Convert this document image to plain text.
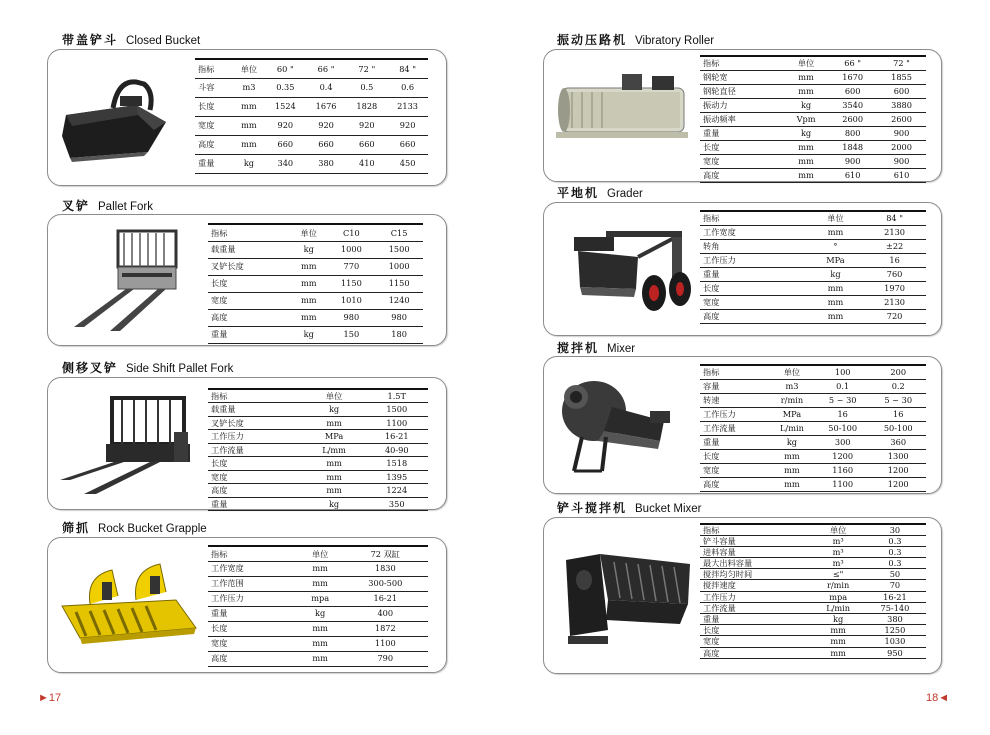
►17	18◄
带盖铲斗 Closed Bucket
指标	单位	60 "	66 "	72 "	84 "
斗容	m3	0.35	0.4	0.5	0.6
长度	mm	1524	1676	1828	2133
宽度	mm	920	920	920	920
高度	mm	660	660	660	660
重量	kg	340	380	410	450
叉铲 Pallet Fork
指标	单位	C10	C15
载重量	kg	1000	1500
叉铲长度	mm	770	1000
长度	mm	1150	1150
宽度	mm	1010	1240
高度	mm	980	980
重量	kg	150	180
侧移叉铲 Side Shift Pallet Fork
指标	单位	1.5T
载重量	kg	1500
叉铲长度	mm	1100
工作压力	MPa	16-21
工作流量	L/mm	40-90
长度	mm	1518
宽度	mm	1395
高度	mm	1224
重量	kg	350
筛抓 Rock Bucket Grapple
指标	单位	72 双缸
工作宽度	mm	1830
工作范围	mm	300-500
工作压力	mpa	16-21
重量	kg	400
长度	mm	1872
宽度	mm	1100
高度	mm	790
振动压路机 Vibratory Roller
指标	单位	66 "	72 "
钢轮宽	mm	1670	1855
钢轮直径	mm	600	600
振动力	kg	3540	3880
振动频率	Vpm	2600	2600
重量	kg	800	900
长度	mm	1848	2000
宽度	mm	900	900
高度	mm	610	610
平地机 Grader
指标	单位	84 "
工作宽度	mm	2130
转角	°	±22
工作压力	MPa	16
重量	kg	760
长度	mm	1970
宽度	mm	2130
高度	mm	720
搅拌机 Mixer
指标	单位	100	200
容量	m3	0.1	0.2
转速	r/min	5 ~ 30	5 ~ 30
工作压力	MPa	16	16
工作流量	L/min	50-100	50-100
重量	kg	300	360
长度	mm	1200	1300
宽度	mm	1160	1200
高度	mm	1100	1200
铲斗搅拌机 Bucket Mixer
指标	单位	30
铲斗容量	m³	0.3
进料容量	m³	0.3
最大出料容量	m³	0.3
搅拌均匀时间	≤"	50
搅拌速度	r/min	70
工作压力	mpa	16-21
工作流量	L/min	75-140
重量	kg	380
长度	mm	1250
宽度	mm	1030
高度	mm	950
